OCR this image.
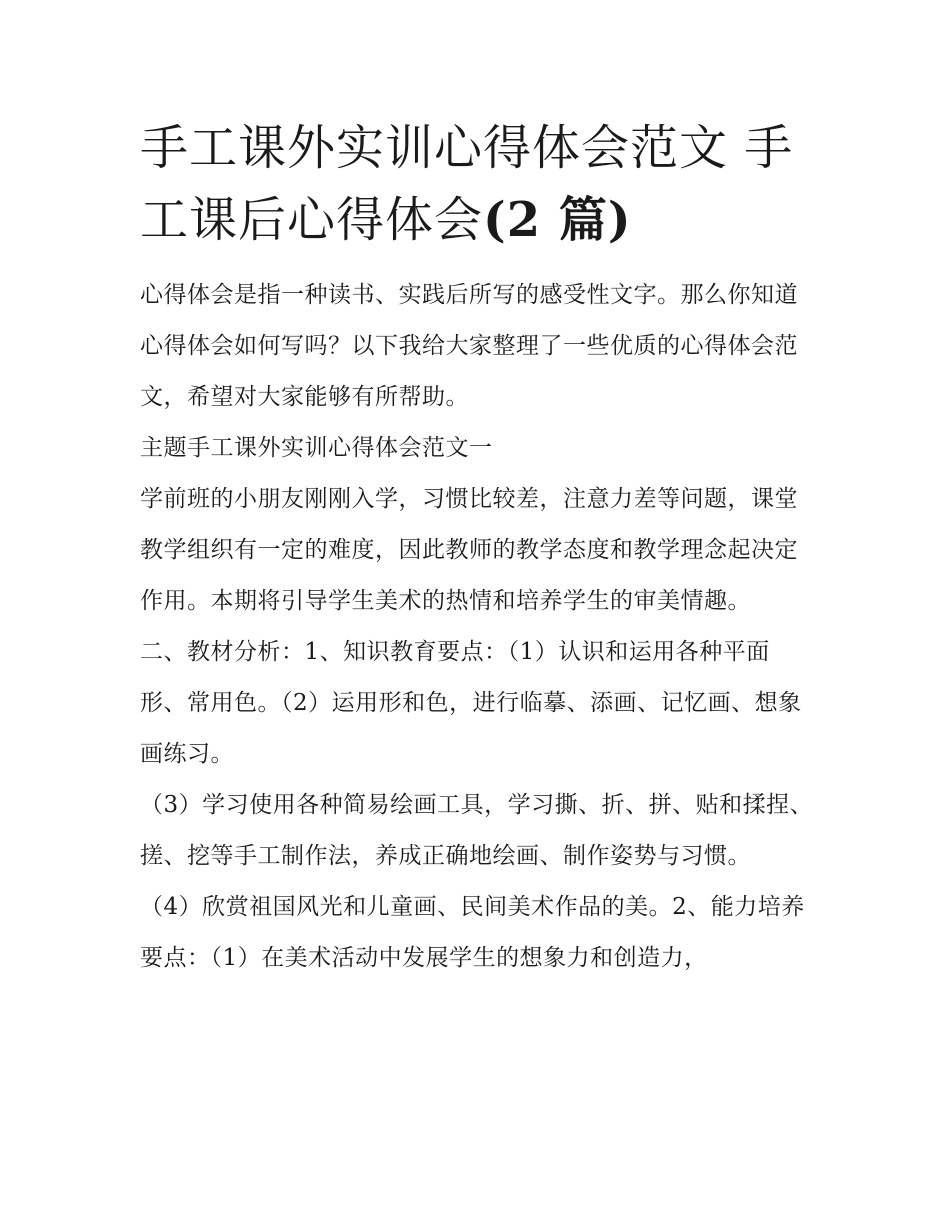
手工课外实训心得体会范文 手工课后心得体会(2 篇)

心得体会是指一种读书、实践后所写的感受性文字。那么你知道心得体会如何写吗？以下我给大家整理了一些优质的心得体会范文，希望对大家能够有所帮助。

主题手工课外实训心得体会范文一

学前班的小朋友刚刚入学，习惯比较差，注意力差等问题，课堂教学组织有一定的难度，因此教师的教学态度和教学理念起决定作用。本期将引导学生美术的热情和培养学生的审美情趣。

二、教材分析：1、知识教育要点：（1）认识和运用各种平面形、常用色。（2）运用形和色，进行临摹、添画、记忆画、想象画练习。

（3）学习使用各种简易绘画工具，学习撕、折、拼、贴和揉捏、搓、挖等手工制作法，养成正确地绘画、制作姿势与习惯。

（4）欣赏祖国风光和儿童画、民间美术作品的美。2、能力培养要点：（1）在美术活动中发展学生的想象力和创造力，
